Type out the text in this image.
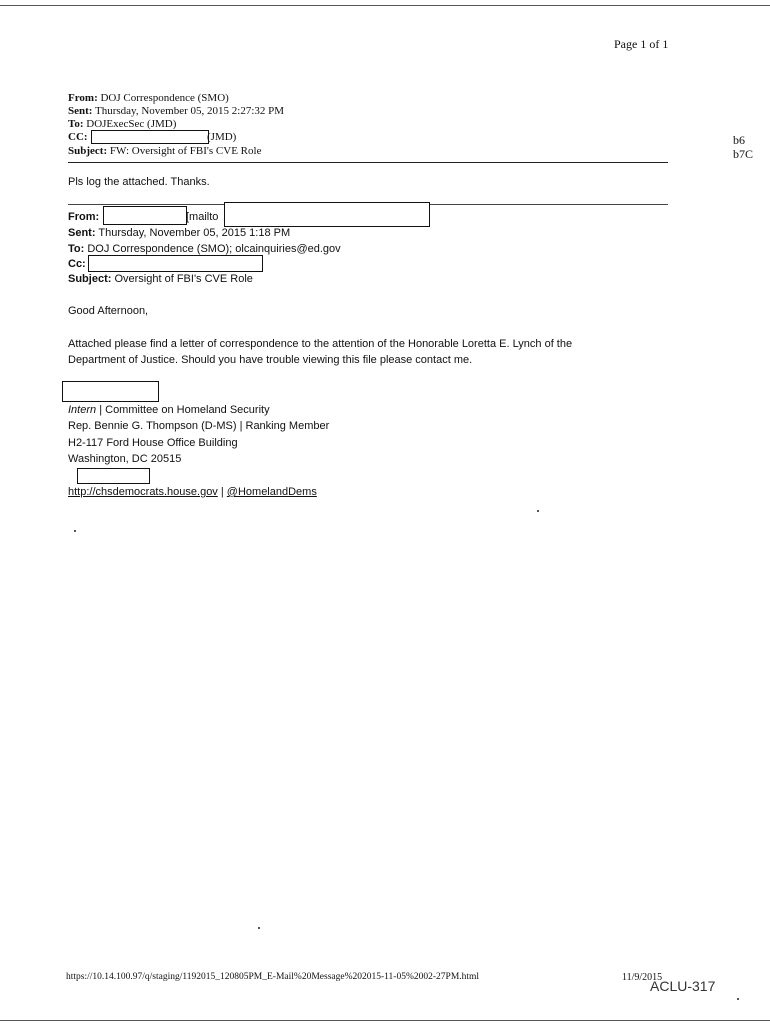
Page 1 of 1
From: DOJ Correspondence (SMO)
Sent: Thursday, November 05, 2015 2:27:32 PM
To: DOJExecSec (JMD)
CC:	(JMD)
Subject: FW: Oversight of FBI's CVE Role
b6
b7C
Pls log the attached. Thanks.
From:	[mailto
Sent: Thursday, November 05, 2015 1:18 PM
To: DOJ Correspondence (SMO); olcainquiries@ed.gov
Cc:
Subject: Oversight of FBI's CVE Role
Good Afternoon,
Attached please find a letter of correspondence to the attention of the Honorable Loretta E. Lynch of the
Department of Justice. Should you have trouble viewing this file please contact me.
Intern | Committee on Homeland Security
Rep. Bennie G. Thompson (D-MS) | Ranking Member
H2-117 Ford House Office Building
Washington, DC 20515
http://chsdemocrats.house.gov | @HomelandDems
https://10.14.100.97/q/staging/1192015_120805PM_E-Mail%20Message%202015-11-05%2002-27PM.html	11/9/2015
ACLU-317
